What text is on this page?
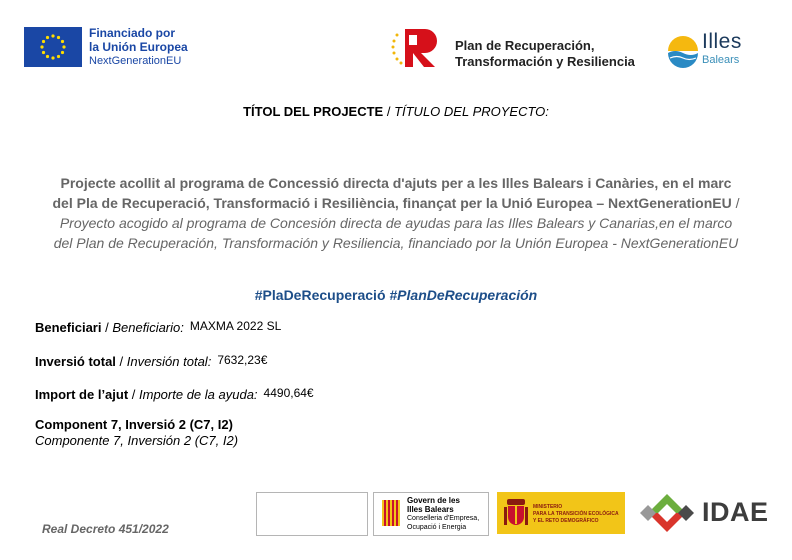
Financiado por
la Unión Europea
NextGenerationEU
Plan de Recuperación,
Transformación y Resiliencia
Illes
Balears
TÍTOL DEL PROJECTE / TÍTULO DEL PROYECTO:
Projecte acollit al programa de Concessió directa d'ajuts per a les Illes Balears i Canàries, en el marc del Pla de Recuperació, Transformació i Resiliència, finançat per la Unió Europea – NextGenerationEU / Proyecto acogido al programa de Concesión directa de ayudas para las Illes Balears y Canarias,en el marco del Plan de Recuperación, Transformación y Resiliencia, financiado por la Unión Europea - NextGenerationEU
#PlaDeRecuperació #PlanDeRecuperación
Beneficiari / Beneficiario: MAXMA 2022 SL
Inversió total / Inversión total: 7632,23€
Import de l’ajut / Importe de la ayuda: 4490,64€
Component 7, Inversió 2 (C7, I2)
Componente 7, Inversión 2 (C7, I2)
Real Decreto 451/2022
Govern de les
Illes Balears
Conselleria d'Empresa,
Ocupació i Energia
MINISTERIO
PARA LA TRANSICIÓN ECOLÓGICA
Y EL RETO DEMOGRÁFICO	IDAE
